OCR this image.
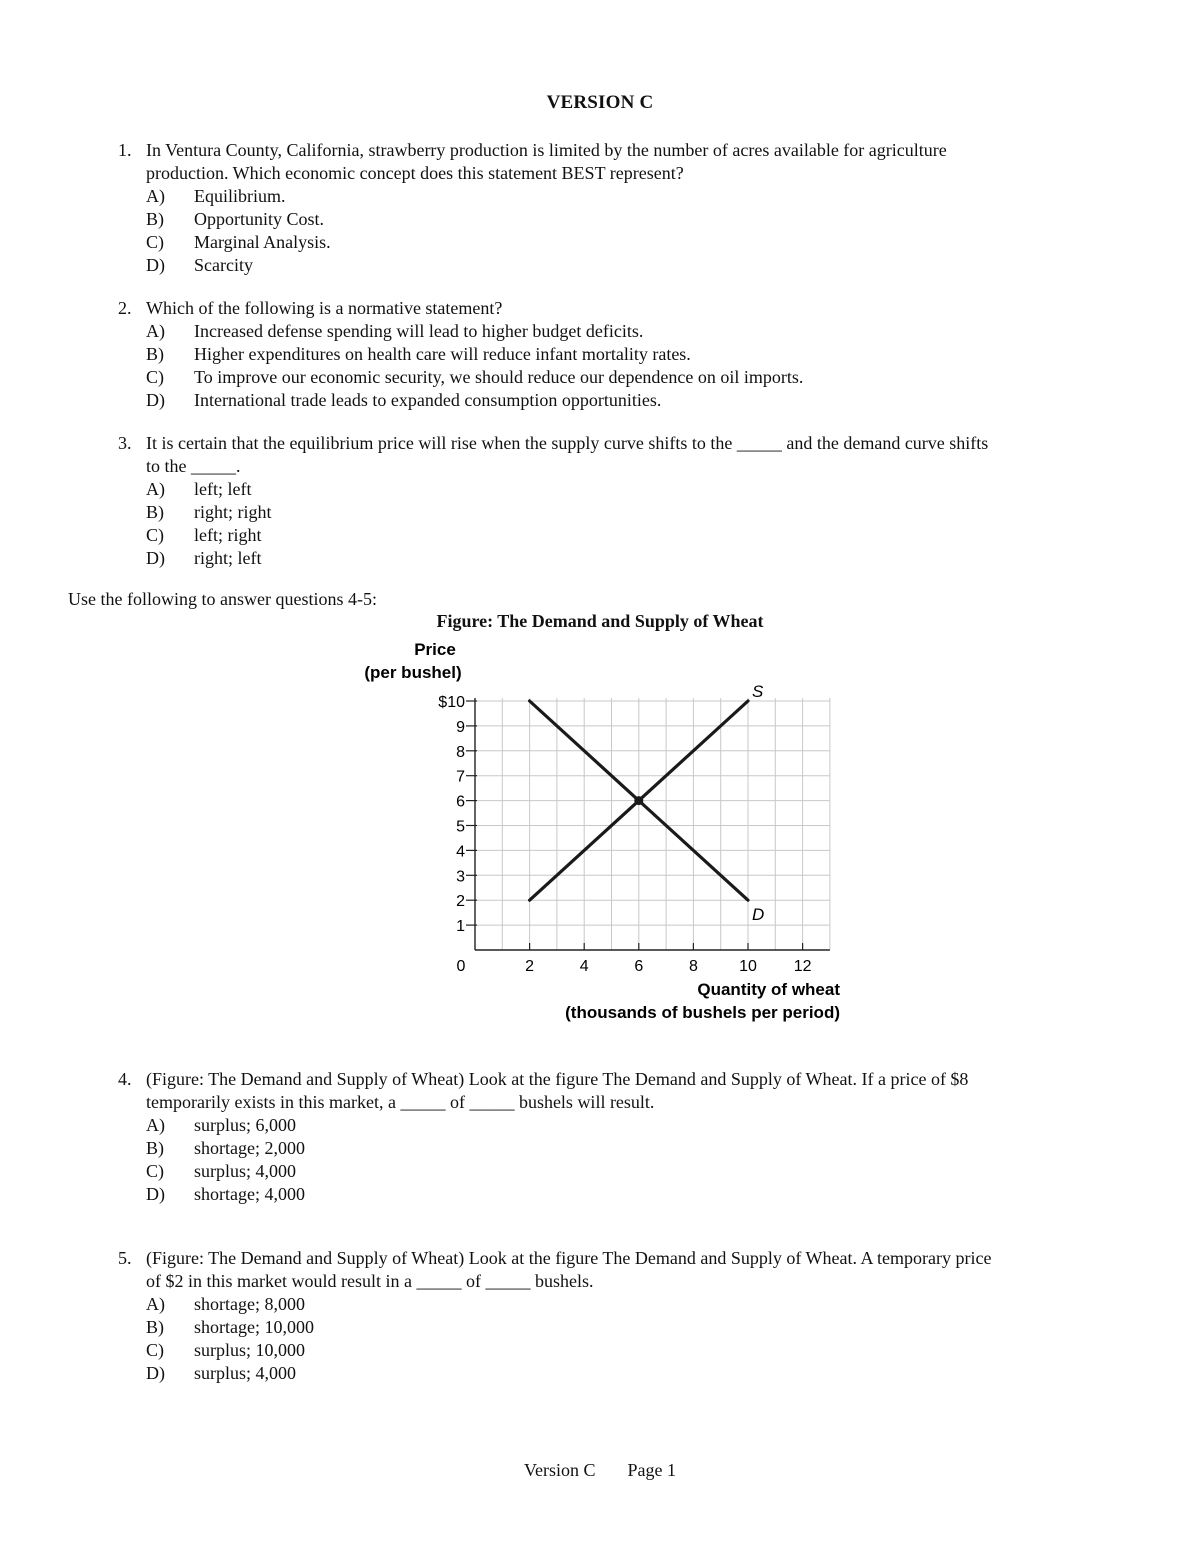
VERSION C
1. In Ventura County, California, strawberry production is limited by the number of acres available for agriculture production. Which economic concept does this statement BEST represent?
A)	Equilibrium.
B)	Opportunity Cost.
C)	Marginal Analysis.
D)	Scarcity
2. Which of the following is a normative statement?
A)	Increased defense spending will lead to higher budget deficits.
B)	Higher expenditures on health care will reduce infant mortality rates.
C)	To improve our economic security, we should reduce our dependence on oil imports.
D)	International trade leads to expanded consumption opportunities.
3. It is certain that the equilibrium price will rise when the supply curve shifts to the _____ and the demand curve shifts to the _____.
A)	left; left
B)	right; right
C)	left; right
D)	right; left
Use the following to answer questions 4-5:
Figure: The Demand and Supply of Wheat
Price
(per bushel)
Quantity of wheat
(thousands of bushels per period)
1
2
3
4
5
6
7
8
9
$10
0	2	4	6	8	10 12
S
D
4. (Figure: The Demand and Supply of Wheat) Look at the figure The Demand and Supply of Wheat. If a price of $8 temporarily exists in this market, a _____ of _____ bushels will result.
A)	surplus; 6,000
B)	shortage; 2,000
C)	surplus; 4,000
D)	shortage; 4,000
5. (Figure: The Demand and Supply of Wheat) Look at the figure The Demand and Supply of Wheat. A temporary price of $2 in this market would result in a _____ of _____ bushels.
A)	shortage; 8,000
B)	shortage; 10,000
C)	surplus; 10,000
D)	surplus; 4,000
Version C Page 1
